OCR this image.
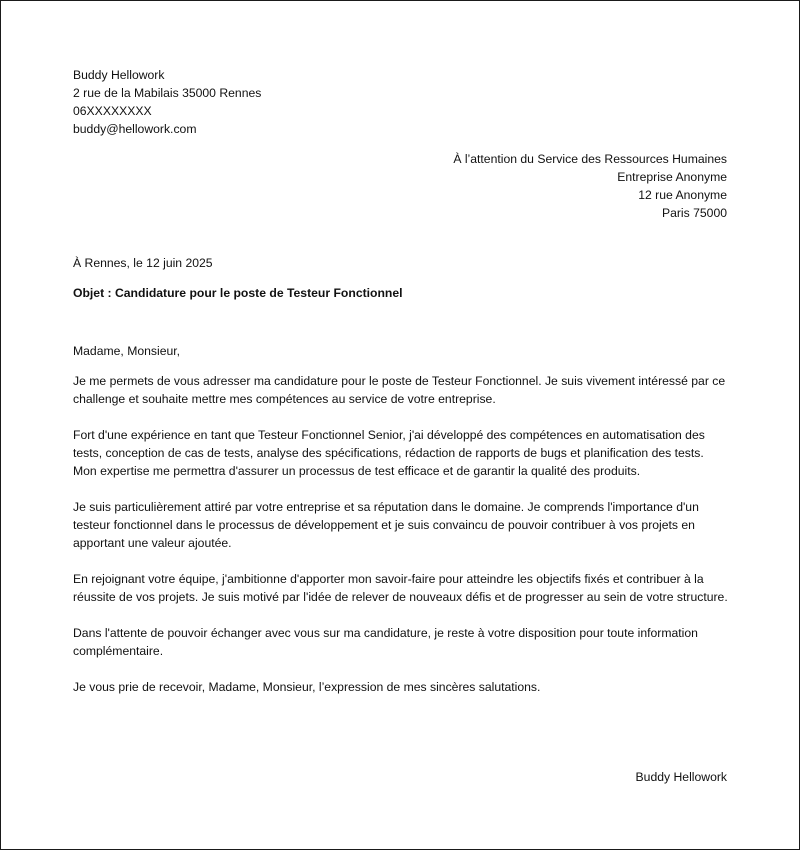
Buddy Hellowork
2 rue de la Mabilais 35000 Rennes
06XXXXXXXX
buddy@hellowork.com
À l’attention du Service des Ressources Humaines
Entreprise Anonyme
12 rue Anonyme
Paris 75000
À Rennes, le 12 juin 2025
Objet : Candidature pour le poste de Testeur Fonctionnel
Madame, Monsieur,

Je me permets de vous adresser ma candidature pour le poste de Testeur Fonctionnel. Je suis vivement intéressé par ce challenge et souhaite mettre mes compétences au service de votre entreprise.

Fort d'une expérience en tant que Testeur Fonctionnel Senior, j'ai développé des compétences en automatisation des tests, conception de cas de tests, analyse des spécifications, rédaction de rapports de bugs et planification des tests. Mon expertise me permettra d'assurer un processus de test efficace et de garantir la qualité des produits.

Je suis particulièrement attiré par votre entreprise et sa réputation dans le domaine. Je comprends l'importance d'un testeur fonctionnel dans le processus de développement et je suis convaincu de pouvoir contribuer à vos projets en apportant une valeur ajoutée.

En rejoignant votre équipe, j'ambitionne d'apporter mon savoir-faire pour atteindre les objectifs fixés et contribuer à la réussite de vos projets. Je suis motivé par l'idée de relever de nouveaux défis et de progresser au sein de votre structure.

Dans l'attente de pouvoir échanger avec vous sur ma candidature, je reste à votre disposition pour toute information complémentaire.

Je vous prie de recevoir, Madame, Monsieur, l’expression de mes sincères salutations.

Buddy Hellowork
